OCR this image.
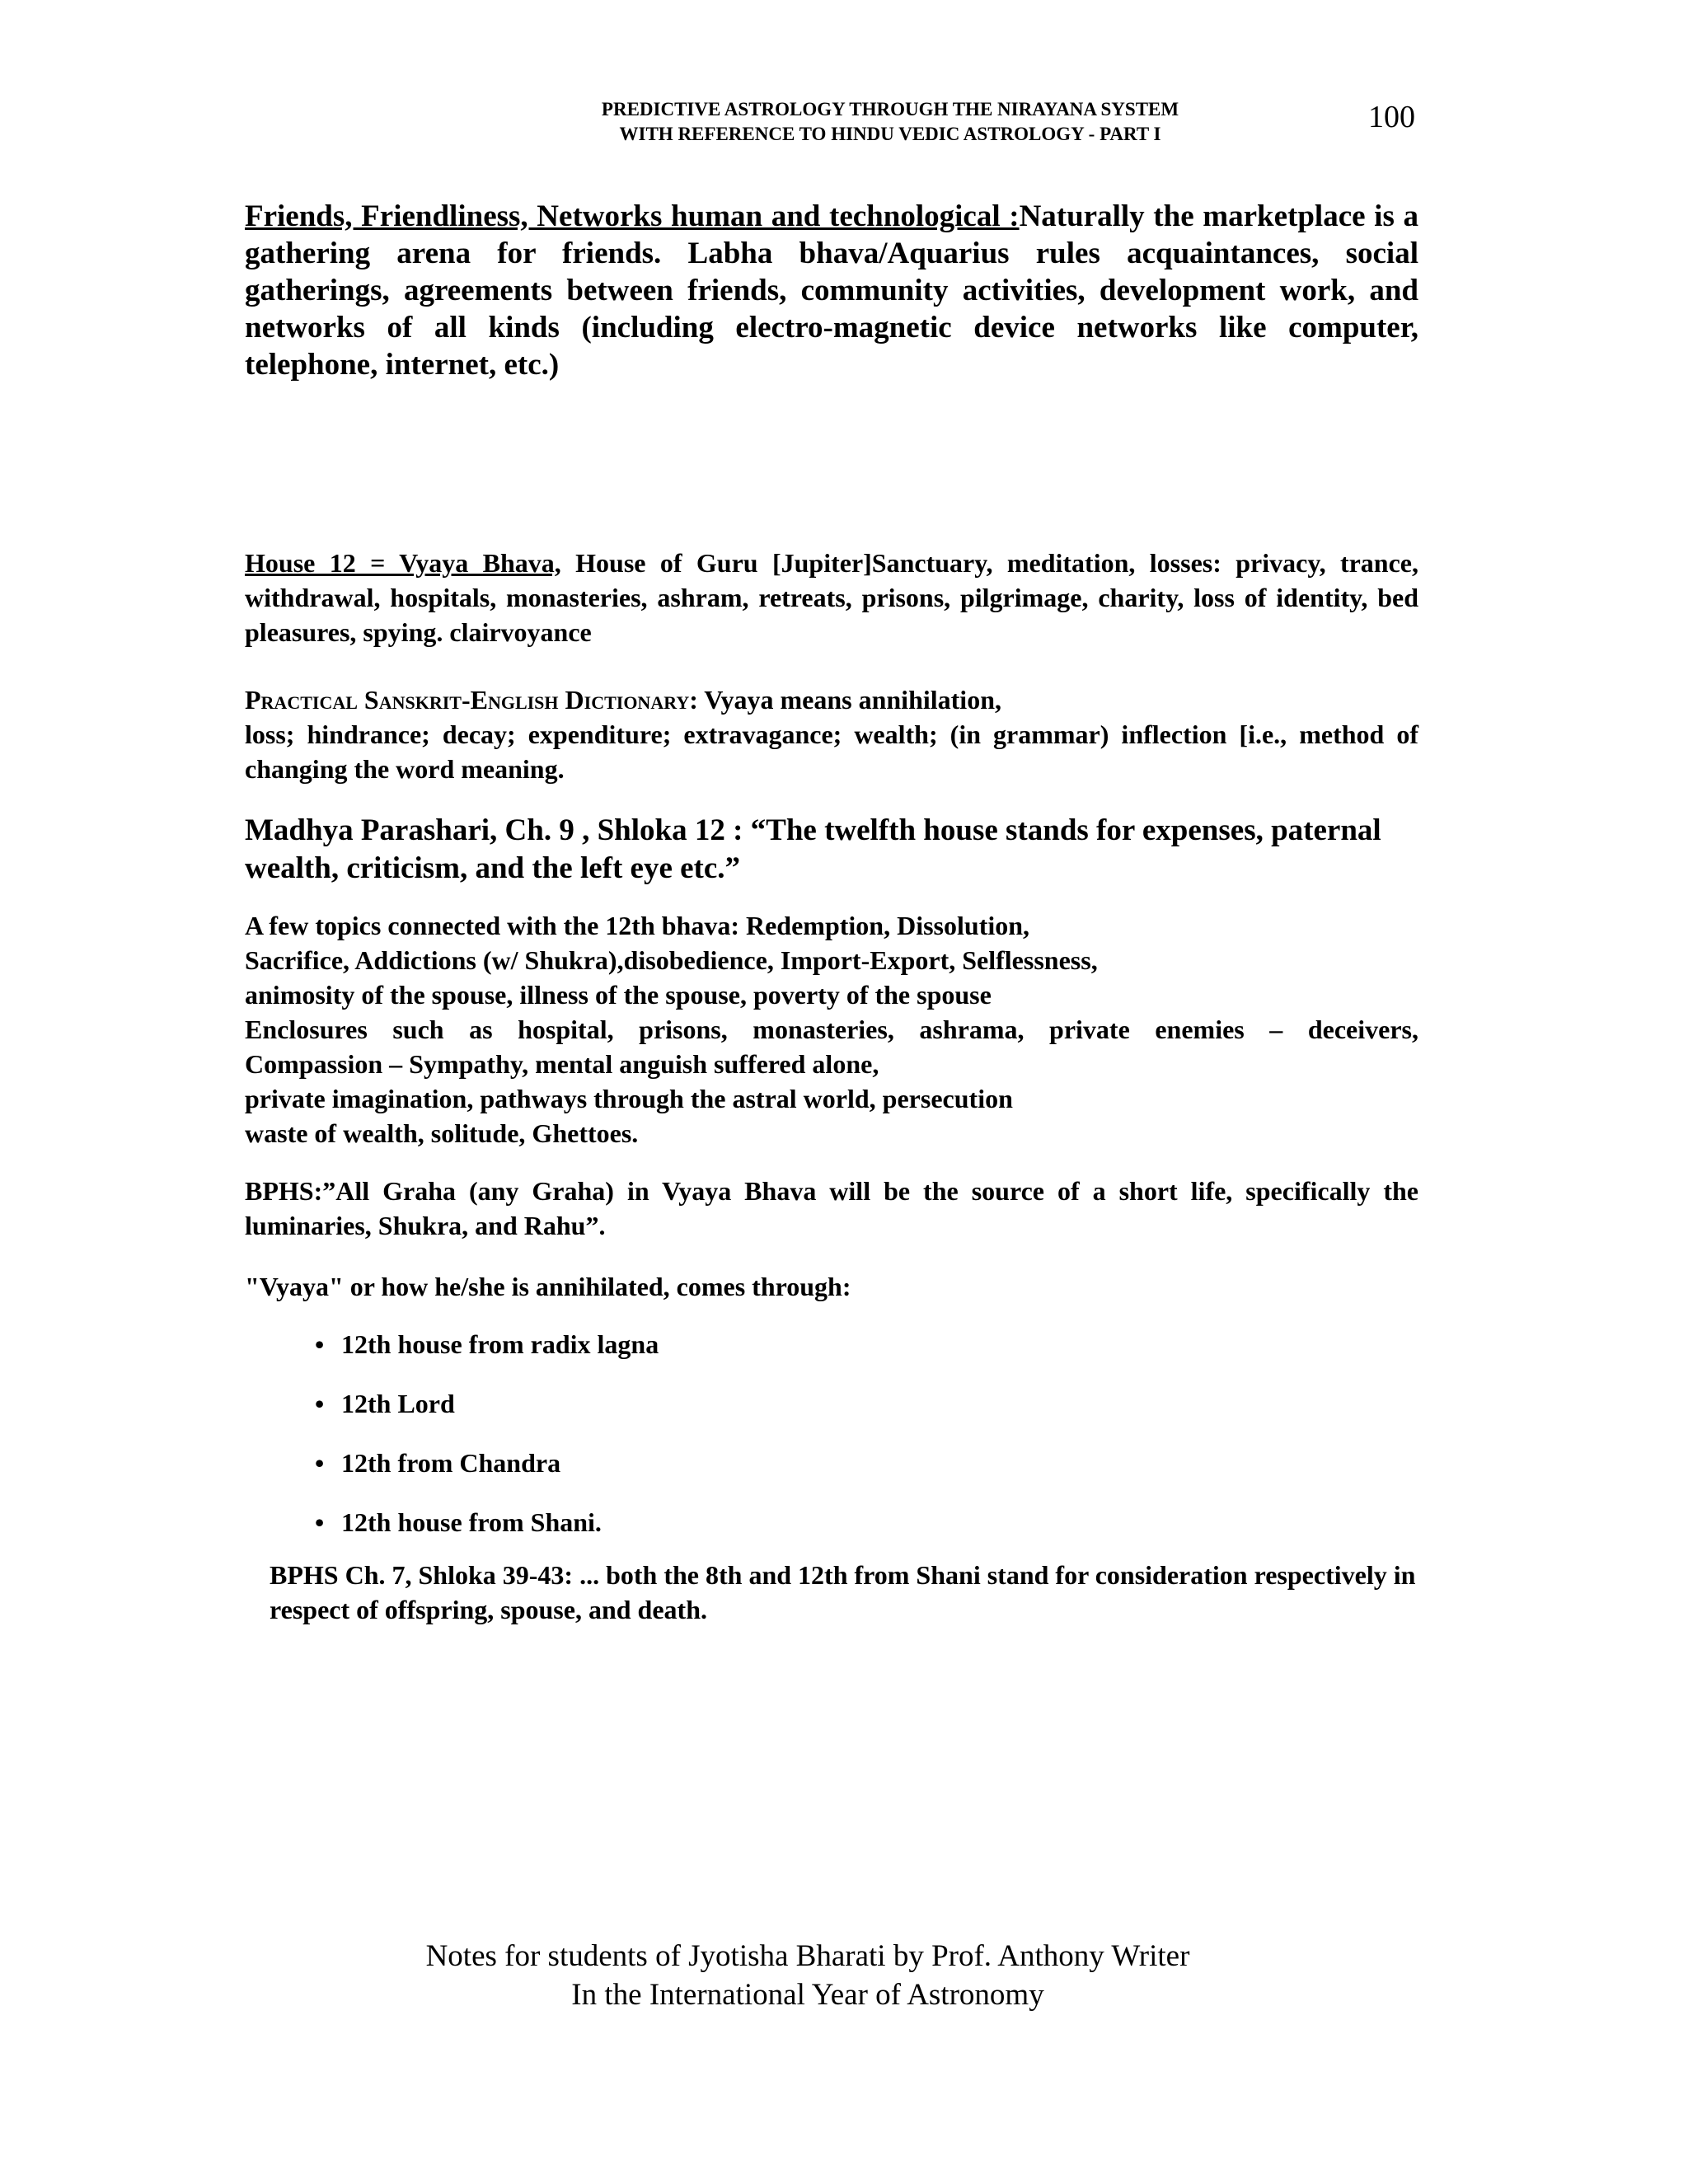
PREDICTIVE ASTROLOGY THROUGH THE NIRAYANA SYSTEM
WITH REFERENCE TO HINDU VEDIC ASTROLOGY - PART I	100
Friends, Friendliness, Networks human and technological :Naturally the marketplace is a gathering arena for friends. Labha bhava/Aquarius rules acquaintances, social gatherings, agreements between friends, community activities, development work, and networks of all kinds (including electro-magnetic device networks like computer, telephone, internet, etc.)
House 12 = Vyaya Bhava, House of Guru [Jupiter]Sanctuary, meditation, losses: privacy, trance, withdrawal, hospitals, monasteries, ashram, retreats, prisons, pilgrimage, charity, loss of identity, bed pleasures, spying. clairvoyance
Practical Sanskrit-English Dictionary: Vyaya means annihilation,
loss; hindrance; decay; expenditure; extravagance; wealth; (in grammar) inflection [i.e., method of changing the word meaning.
Madhya Parashari, Ch. 9 , Shloka 12 : “The twelfth house stands for expenses, paternal wealth, criticism, and the left eye etc.”
A few topics connected with the 12th bhava: Redemption, Dissolution,
Sacrifice, Addictions (w/ Shukra),disobedience, Import-Export, Selflessness,
animosity of the spouse, illness of the spouse, poverty of the spouse
Enclosures such as hospital, prisons, monasteries, ashrama, private enemies – deceivers,
Compassion – Sympathy, mental anguish suffered alone,
private imagination, pathways through the astral world, persecution
waste of wealth, solitude, Ghettoes.
BPHS:”All Graha (any Graha) in Vyaya Bhava will be the source of a short life, specifically the luminaries, Shukra, and Rahu”.
"Vyaya" or how he/she is annihilated, comes through:
• 12th house from radix lagna
• 12th Lord
• 12th from Chandra
• 12th house from Shani.
BPHS Ch. 7, Shloka 39-43: ... both the 8th and 12th from Shani stand for consideration respectively in respect of offspring, spouse, and death.
Notes for students of Jyotisha Bharati by Prof. Anthony Writer
In the International Year of Astronomy
